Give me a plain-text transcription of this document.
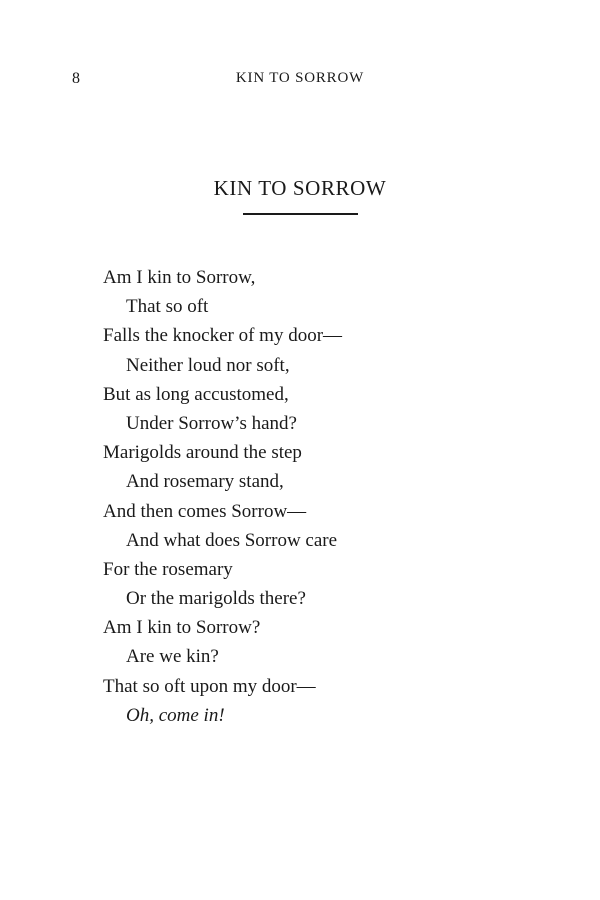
8	KIN TO SORROW
KIN TO SORROW
Am I kin to Sorrow,
That so oft
Falls the knocker of my door—
Neither loud nor soft,
But as long accustomed,
Under Sorrow’s hand?
Marigolds around the step
And rosemary stand,
And then comes Sorrow—
And what does Sorrow care
For the rosemary
Or the marigolds there?
Am I kin to Sorrow?
Are we kin?
That so oft upon my door—
Oh, come in!
